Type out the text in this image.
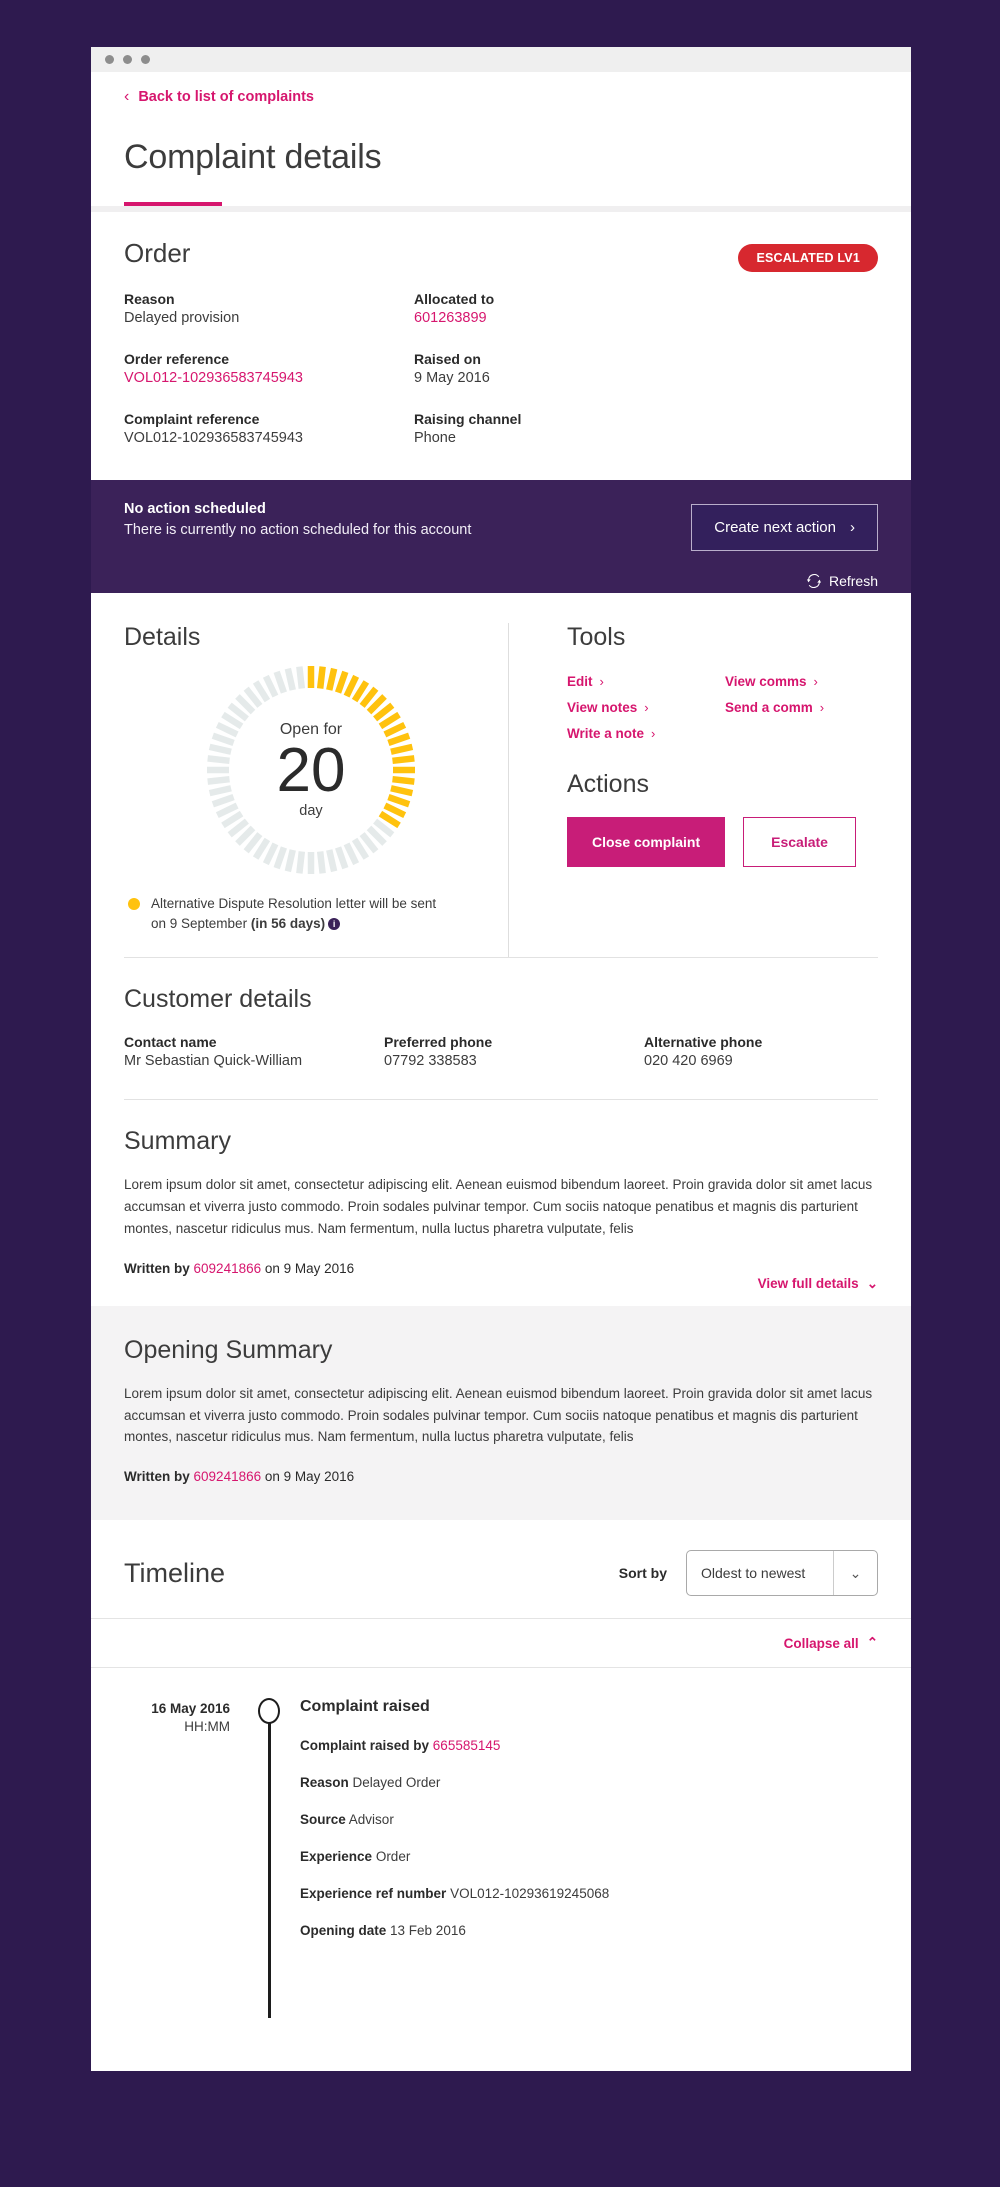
‹ Back to list of complaints
Complaint details
Order	ESCALATED LV1
Reason
Delayed provision
Allocated to
601263899
Order reference
VOL012-102936583745943
Raised on
9 May 2016
Complaint reference
VOL012-102936583745943
Raising channel
Phone
No action scheduled
There is currently no action scheduled for this account	Create next action ›
Refresh
Details
Open for
20
day
Alternative Dispute Resolution letter will be sent on 9 September (in 56 days) i
Tools
Edit ›	View comms ›
View notes ›	Send a comm ›
Write a note ›
Actions
Close complaint	Escalate
Customer details
Contact name
Mr Sebastian Quick-William
Preferred phone
07792 338583
Alternative phone
020 420 6969
Summary
Lorem ipsum dolor sit amet, consectetur adipiscing elit. Aenean euismod bibendum laoreet. Proin gravida dolor sit amet lacus accumsan et viverra justo commodo. Proin sodales pulvinar tempor. Cum sociis natoque penatibus et magnis dis parturient montes, nascetur ridiculus mus. Nam fermentum, nulla luctus pharetra vulputate, felis
Written by 609241866 on 9 May 2016
View full details ⌄
Opening Summary
Lorem ipsum dolor sit amet, consectetur adipiscing elit. Aenean euismod bibendum laoreet. Proin gravida dolor sit amet lacus accumsan et viverra justo commodo. Proin sodales pulvinar tempor. Cum sociis natoque penatibus et magnis dis parturient montes, nascetur ridiculus mus. Nam fermentum, nulla luctus pharetra vulputate, felis
Written by 609241866 on 9 May 2016
Timeline	Sort by	Oldest to newest	⌄
Collapse all ⌃
16 May 2016
HH:MM
Complaint raised
Complaint raised by 665585145
Reason Delayed Order
Source Advisor
Experience Order
Experience ref number VOL012-10293619245068
Opening date 13 Feb 2016
